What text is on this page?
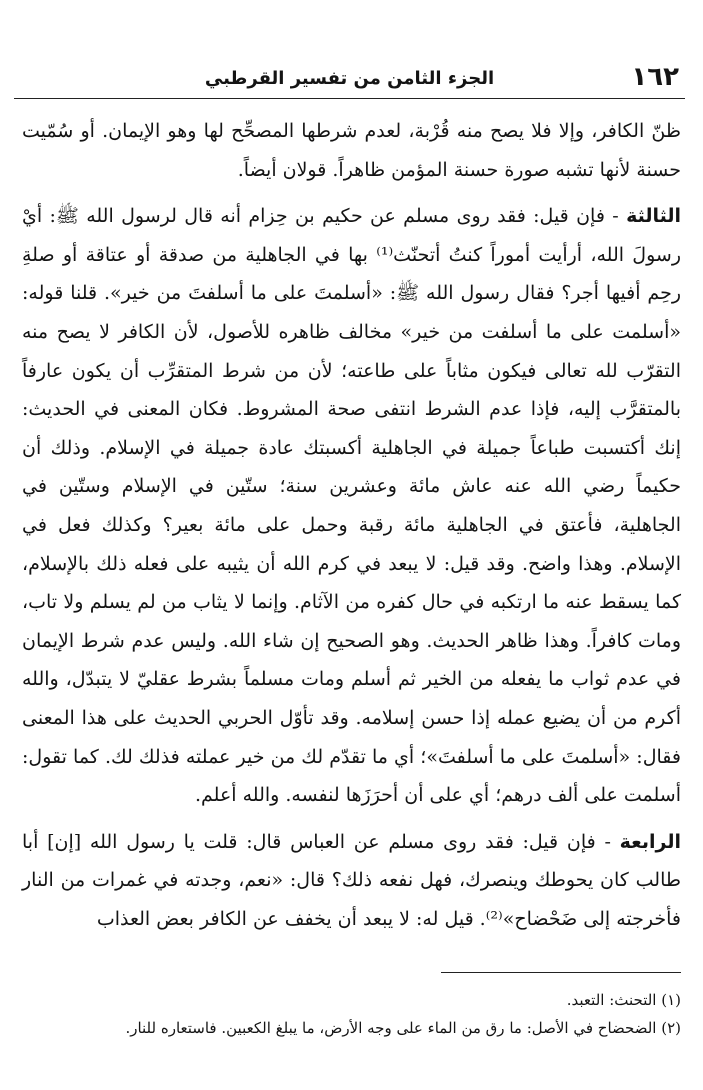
١٦٢
الجزء الثامن من تفسير القرطبي

ظنّ الكافر، وإلا فلا يصح منه قُرْبة، لعدم شرطها المصحِّح لها وهو الإيمان. أو سُمّيت حسنة لأنها تشبه صورة حسنة المؤمن ظاهراً. قولان أيضاً.

الثالثة - فإن قيل: فقد روى مسلم عن حكيم بن حِزام أنه قال لرسول الله ﷺ: أيْ رسولَ الله، أرأيت أموراً كنتُ أتحنّث⁽¹⁾ بها في الجاهلية من صدقة أو عتاقة أو صلةِ رحِم أفيها أجر؟ فقال رسول الله ﷺ: «أسلمتَ على ما أسلفتَ من خير». قلنا قوله: «أسلمت على ما أسلفت من خير» مخالف ظاهره للأصول، لأن الكافر لا يصح منه التقرّب لله تعالى فيكون مثاباً على طاعته؛ لأن من شرط المتقرِّب أن يكون عارفاً بالمتقرَّب إليه، فإذا عدم الشرط انتفى صحة المشروط. فكان المعنى في الحديث: إنك أكتسبت طباعاً جميلة في الجاهلية أكسبتك عادة جميلة في الإسلام. وذلك أن حكيماً رضي الله عنه عاش مائة وعشرين سنة؛ ستّين في الإسلام وستّين في الجاهلية، فأعتق في الجاهلية مائة رقبة وحمل على مائة بعير؟ وكذلك فعل في الإسلام. وهذا واضح. وقد قيل: لا يبعد في كرم الله أن يثيبه على فعله ذلك بالإسلام، كما يسقط عنه ما ارتكبه في حال كفره من الآثام. وإنما لا يثاب من لم يسلم ولا تاب، ومات كافراً. وهذا ظاهر الحديث. وهو الصحيح إن شاء الله. وليس عدم شرط الإيمان في عدم ثواب ما يفعله من الخير ثم أسلم ومات مسلماً بشرط عقليّ لا يتبدّل، والله أكرم من أن يضيع عمله إذا حسن إسلامه. وقد تأوّل الحربي الحديث على هذا المعنى فقال: «أسلمتَ على ما أسلفتَ»؛ أي ما تقدّم لك من خير عملته فذلك لك. كما تقول: أسلمت على ألف درهم؛ أي على أن أحرَزَها لنفسه. والله أعلم.

الرابعة - فإن قيل: فقد روى مسلم عن العباس قال: قلت يا رسول الله [إن] أبا طالب كان يحوطك وينصرك، فهل نفعه ذلك؟ قال: «نعم، وجدته في غمرات من النار فأخرجته إلى ضَحْضاح»⁽²⁾. قيل له: لا يبعد أن يخفف عن الكافر بعض العذاب

(١) التحنث: التعبد.

(٢) الضحضاح في الأصل: ما رق من الماء على وجه الأرض، ما يبلغ الكعبين. فاستعاره للنار.
